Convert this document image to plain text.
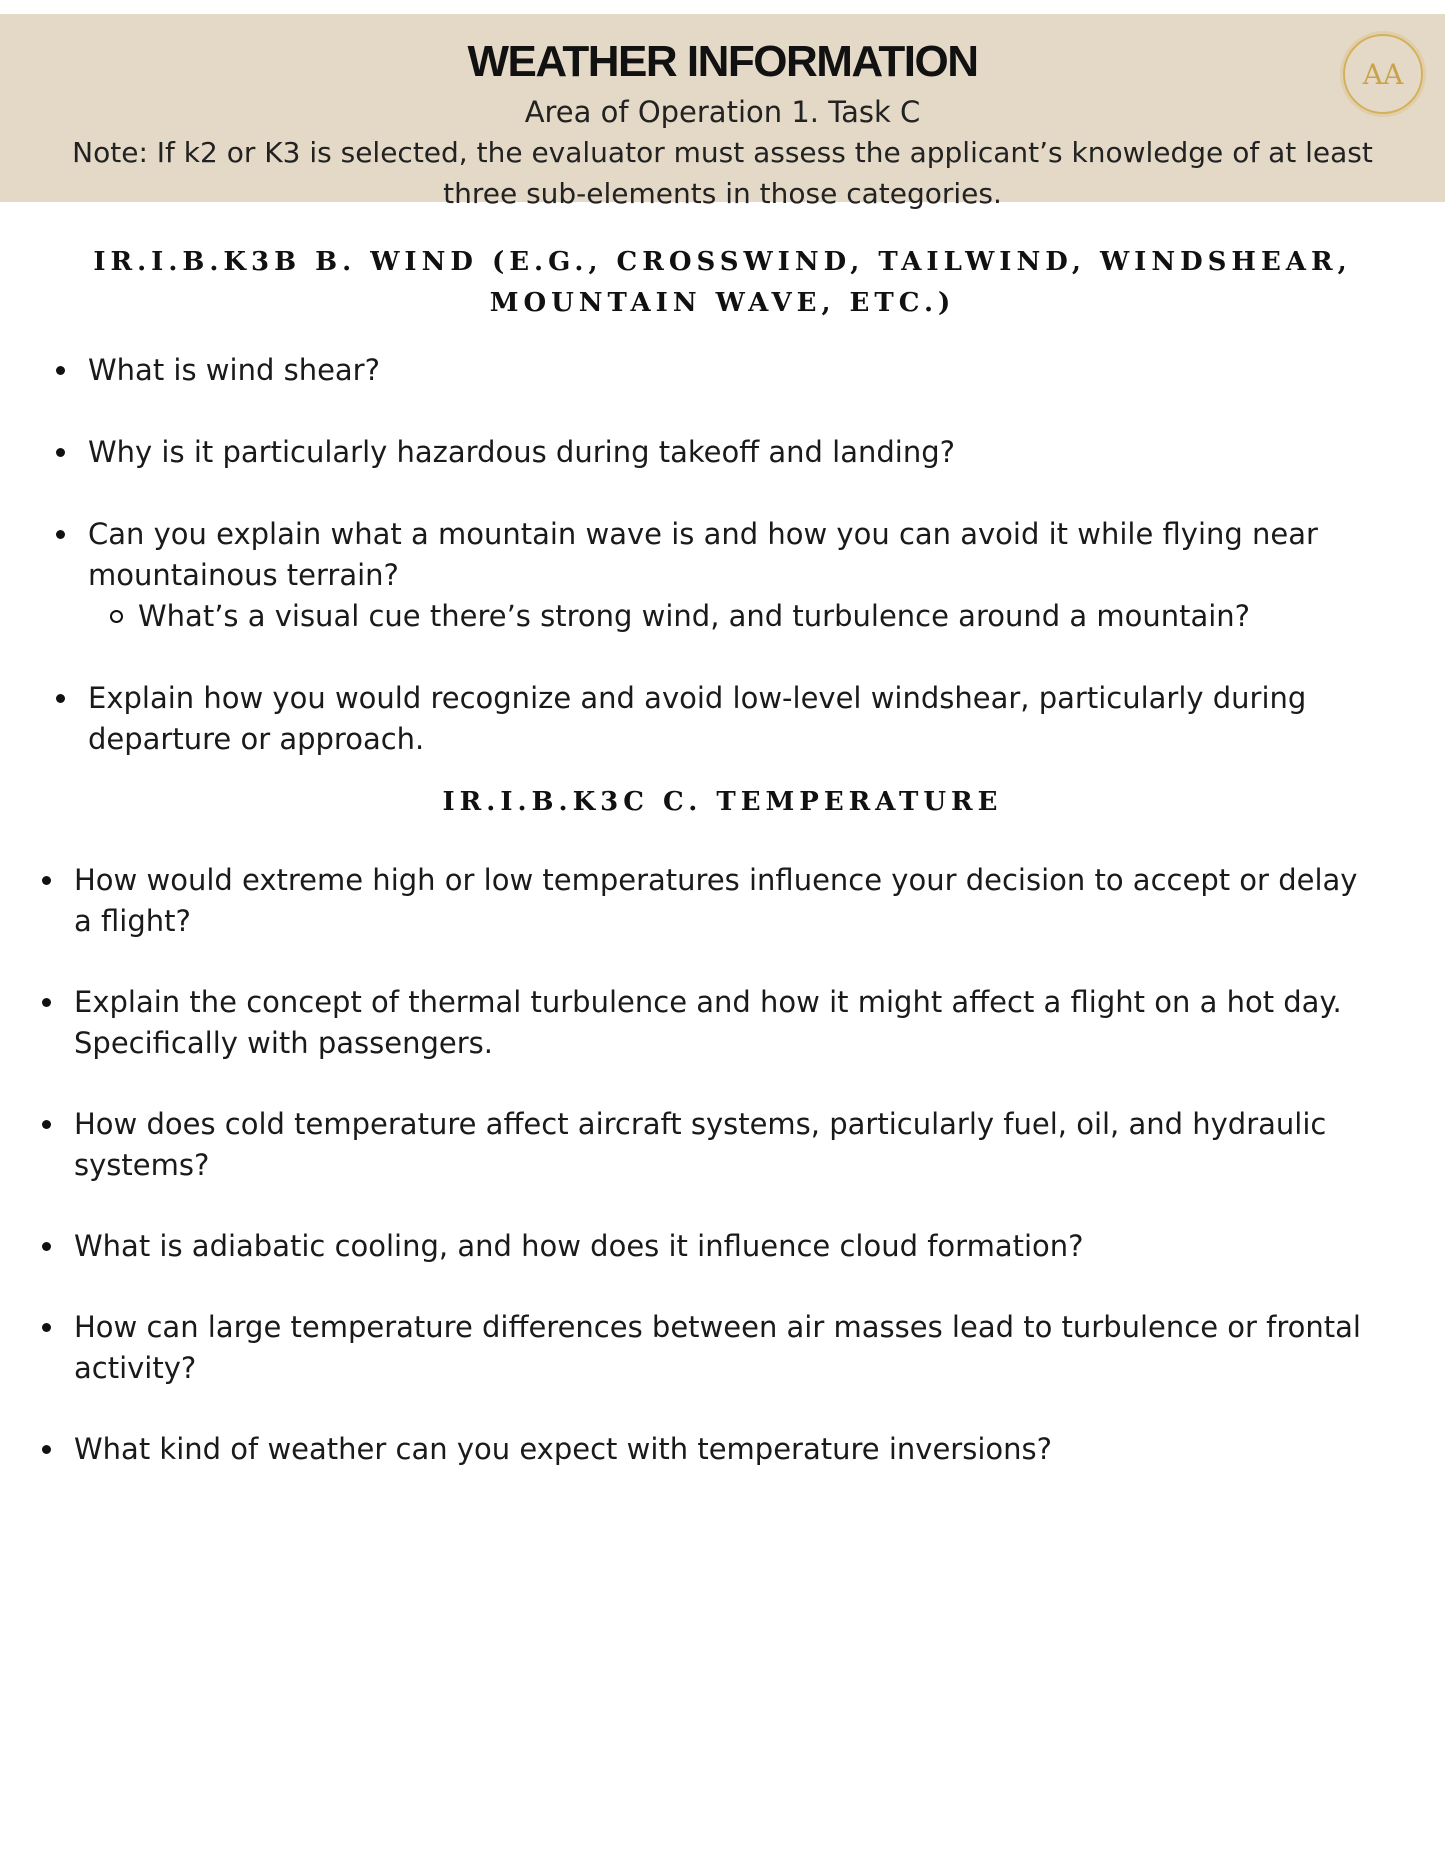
WEATHER INFORMATION
Area of Operation 1. Task C
Note: If k2 or K3 is selected, the evaluator must assess the applicant’s knowledge of at least three sub-elements in those categories.
AA
IR.I.B.K3B B. WIND (E.G., CROSSWIND, TAILWIND, WINDSHEAR, MOUNTAIN WAVE, ETC.)
What is wind shear?
Why is it particularly hazardous during takeoff and landing?
Can you explain what a mountain wave is and how you can avoid it while flying near mountainous terrain?
What’s a visual cue there’s strong wind, and turbulence around a mountain?
Explain how you would recognize and avoid low-level windshear, particularly during departure or approach.
IR.I.B.K3C C. TEMPERATURE
How would extreme high or low temperatures influence your decision to accept or delay a flight?
Explain the concept of thermal turbulence and how it might affect a flight on a hot day. Specifically with passengers.
How does cold temperature affect aircraft systems, particularly fuel, oil, and hydraulic systems?
What is adiabatic cooling, and how does it influence cloud formation?
How can large temperature differences between air masses lead to turbulence or frontal activity?
What kind of weather can you expect with temperature inversions?
